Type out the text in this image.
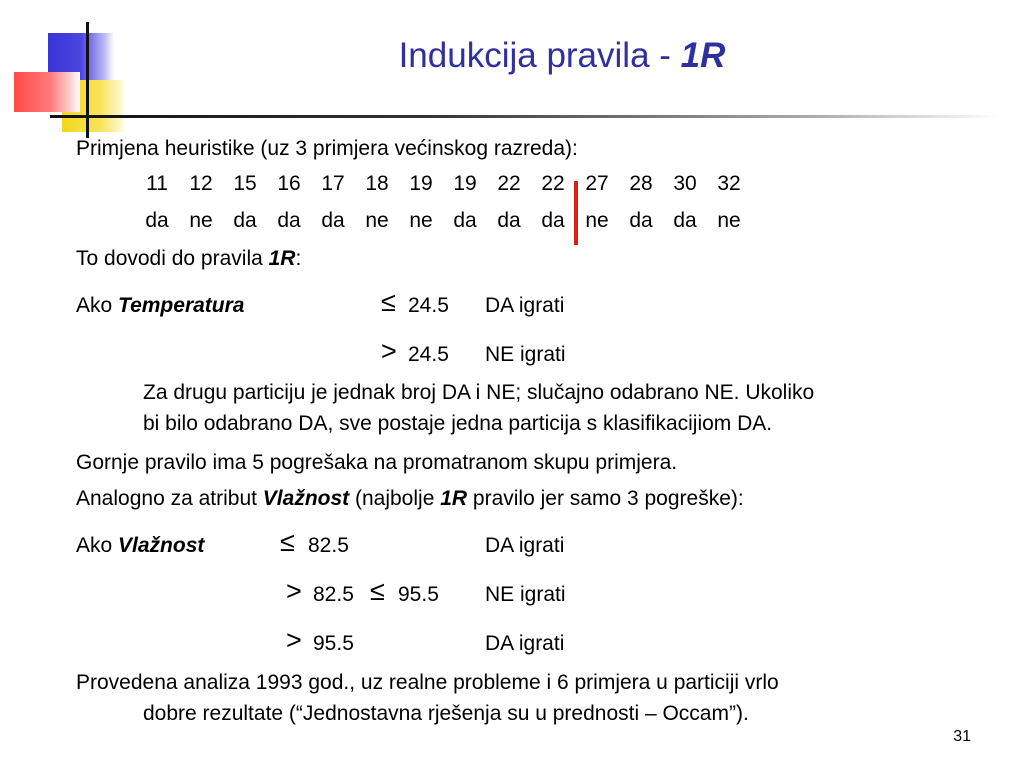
Indukcija pravila - 1R
Primjena heuristike (uz 3 primjera većinskog razreda):
11 12 15 16 17 18 19 19 22 22 27 28 30 32
da ne da da da ne ne da da da ne da da ne
To dovodi do pravila 1R:
Ako Temperatura	≤ 24.5 DA igrati
> 24.5 NE igrati
Za drugu particiju je jednak broj DA i NE; slučajno odabrano NE. Ukoliko
bi bilo odabrano DA, sve postaje jedna particija s klasifikacijiom DA.
Gornje pravilo ima 5 pogrešaka na promatranom skupu primjera.
Analogno za atribut Vlažnost (najbolje 1R pravilo jer samo 3 pogreške):
Ako Vlažnost	≤ 82.5	DA igrati
> 82.5 ≤ 95.5 NE igrati
> 95.5	DA igrati
Provedena analiza 1993 god., uz realne probleme i 6 primjera u particiji vrlo
dobre rezultate (“Jednostavna rješenja su u prednosti – Occam”).
31
